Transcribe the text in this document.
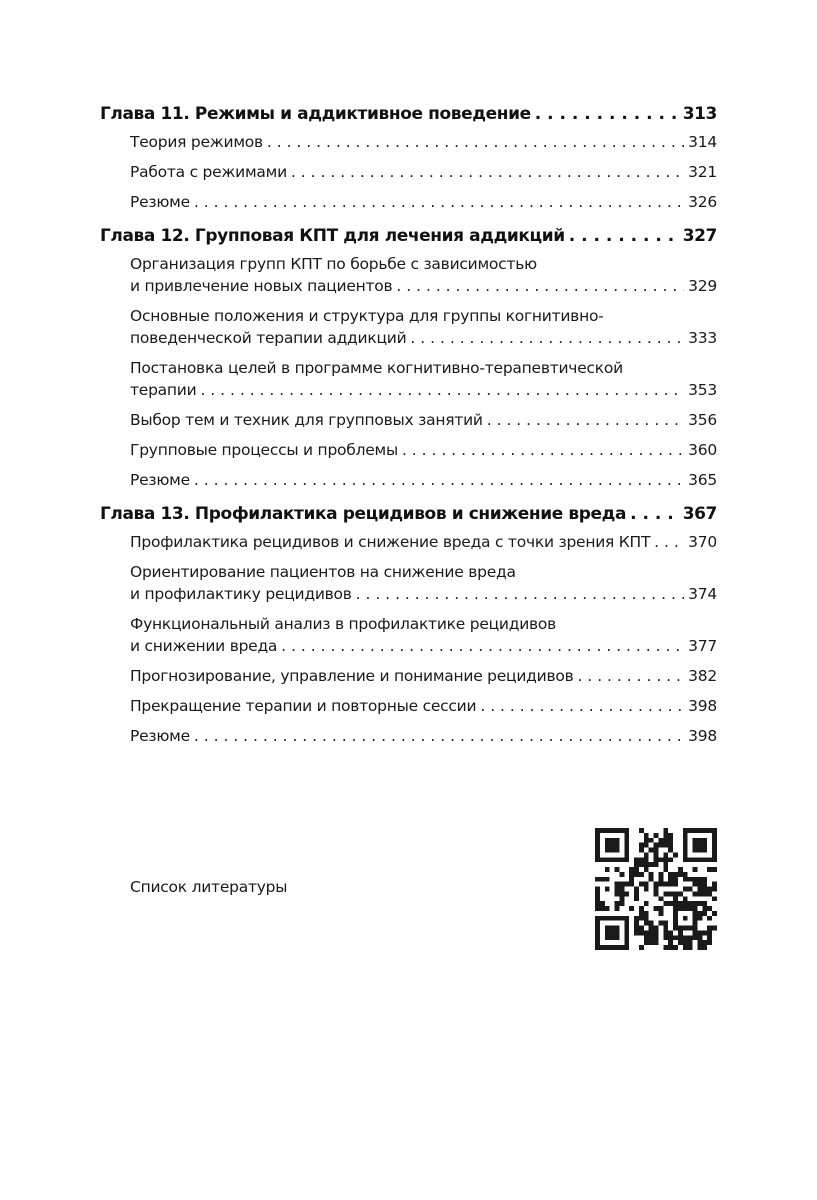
Глава 11. Режимы и аддиктивное поведение . . .	313
Теория режимов . . .	314
Работа с режимами . . .	321
Резюме . . .	326
Глава 12. Групповая КПТ для лечения аддикций . . .	327
Организация групп КПТ по борьбе с зависимостью
и привлечение новых пациентов . . .	329
Основные положения и структура для группы когнитивно-
поведенческой терапии аддикций . . .	333
Постановка целей в программе когнитивно-терапевтической
терапии . . .	353
Выбор тем и техник для групповых занятий . . .	356
Групповые процессы и проблемы . . .	360
Резюме . . .	365
Глава 13. Профилактика рецидивов и снижение вреда . . .	367
Профилактика рецидивов и снижение вреда с точки зрения КПТ . . . 370
Ориентирование пациентов на снижение вреда
и профилактику рецидивов . . .	374
Функциональный анализ в профилактике рецидивов
и снижении вреда . . .	377
Прогнозирование, управление и понимание рецидивов . . .	382
Прекращение терапии и повторные сессии . . .	398
Резюме . . .	398
Список литературы
